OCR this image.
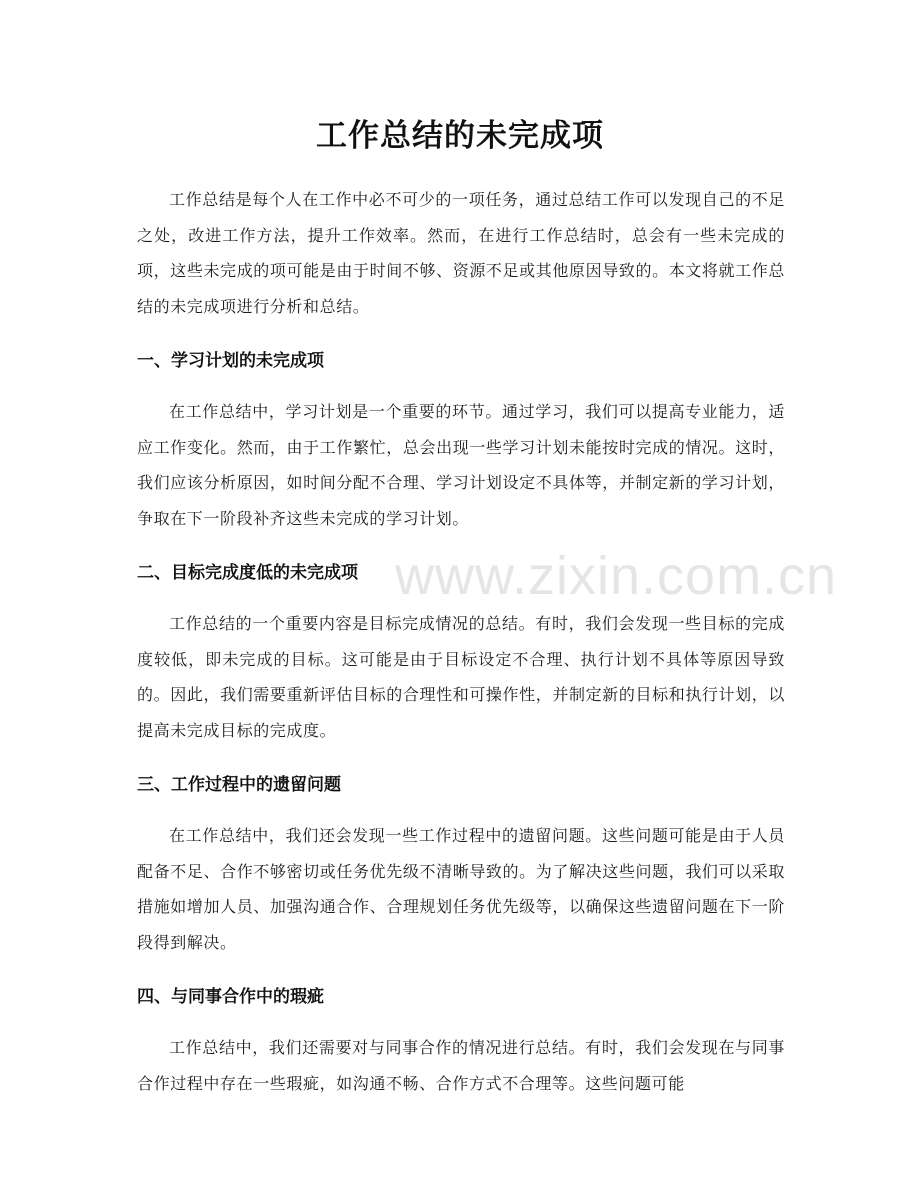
工作总结的未完成项

工作总结是每个人在工作中必不可少的一项任务，通过总结工作可以发现自己的不足之处，改进工作方法，提升工作效率。然而，在进行工作总结时，总会有一些未完成的项，这些未完成的项可能是由于时间不够、资源不足或其他原因导致的。本文将就工作总结的未完成项进行分析和总结。

一、学习计划的未完成项

在工作总结中，学习计划是一个重要的环节。通过学习，我们可以提高专业能力，适应工作变化。然而，由于工作繁忙，总会出现一些学习计划未能按时完成的情况。这时，我们应该分析原因，如时间分配不合理、学习计划设定不具体等，并制定新的学习计划，争取在下一阶段补齐这些未完成的学习计划。

二、目标完成度低的未完成项

工作总结的一个重要内容是目标完成情况的总结。有时，我们会发现一些目标的完成度较低，即未完成的目标。这可能是由于目标设定不合理、执行计划不具体等原因导致的。因此，我们需要重新评估目标的合理性和可操作性，并制定新的目标和执行计划，以提高未完成目标的完成度。

三、工作过程中的遗留问题

在工作总结中，我们还会发现一些工作过程中的遗留问题。这些问题可能是由于人员配备不足、合作不够密切或任务优先级不清晰导致的。为了解决这些问题，我们可以采取措施如增加人员、加强沟通合作、合理规划任务优先级等，以确保这些遗留问题在下一阶段得到解决。

四、与同事合作中的瑕疵

工作总结中，我们还需要对与同事合作的情况进行总结。有时，我们会发现在与同事合作过程中存在一些瑕疵，如沟通不畅、合作方式不合理等。这些问题可能

www.zixin.com.cn
